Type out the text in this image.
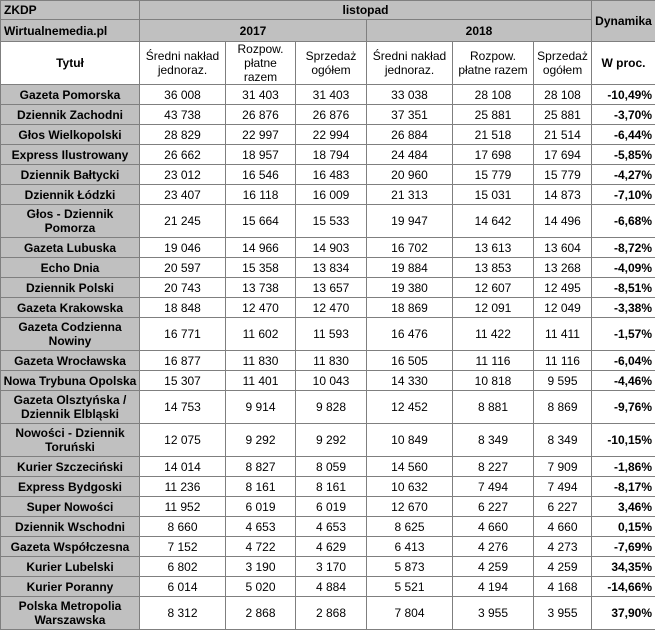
ZKDP	listopad						Dynamika
Wirtualnemedia.pl	2017			2018			
Tytuł	Średni nakład jednoraz.	Rozpow. płatne razem	Sprzedaż ogółem	Średni nakład jednoraz.	Rozpow. płatne razem	Sprzedaż ogółem	W proc.
Gazeta Pomorska	36 008	31 403	31 403	33 038	28 108	28 108	-10,49%
Dziennik Zachodni	43 738	26 876	26 876	37 351	25 881	25 881	-3,70%
Głos Wielkopolski	28 829	22 997	22 994	26 884	21 518	21 514	-6,44%
Express Ilustrowany	26 662	18 957	18 794	24 484	17 698	17 694	-5,85%
Dziennik Bałtycki	23 012	16 546	16 483	20 960	15 779	15 779	-4,27%
Dziennik Łódzki	23 407	16 118	16 009	21 313	15 031	14 873	-7,10%
Głos - Dziennik Pomorza	21 245	15 664	15 533	19 947	14 642	14 496	-6,68%
Gazeta Lubuska	19 046	14 966	14 903	16 702	13 613	13 604	-8,72%
Echo Dnia	20 597	15 358	13 834	19 884	13 853	13 268	-4,09%
Dziennik Polski	20 743	13 738	13 657	19 380	12 607	12 495	-8,51%
Gazeta Krakowska	18 848	12 470	12 470	18 869	12 091	12 049	-3,38%
Gazeta Codzienna Nowiny	16 771	11 602	11 593	16 476	11 422	11 411	-1,57%
Gazeta Wrocławska	16 877	11 830	11 830	16 505	11 116	11 116	-6,04%
Nowa Trybuna Opolska	15 307	11 401	10 043	14 330	10 818	9 595	-4,46%
Gazeta Olsztyńska / Dziennik Elbląski	14 753	9 914	9 828	12 452	8 881	8 869	-9,76%
Nowości - Dziennik Toruński	12 075	9 292	9 292	10 849	8 349	8 349	-10,15%
Kurier Szczeciński	14 014	8 827	8 059	14 560	8 227	7 909	-1,86%
Express Bydgoski	11 236	8 161	8 161	10 632	7 494	7 494	-8,17%
Super Nowości	11 952	6 019	6 019	12 670	6 227	6 227	3,46%
Dziennik Wschodni	8 660	4 653	4 653	8 625	4 660	4 660	0,15%
Gazeta Współczesna	7 152	4 722	4 629	6 413	4 276	4 273	-7,69%
Kurier Lubelski	6 802	3 190	3 170	5 873	4 259	4 259	34,35%
Kurier Poranny	6 014	5 020	4 884	5 521	4 194	4 168	-14,66%
Polska Metropolia Warszawska	8 312	2 868	2 868	7 804	3 955	3 955	37,90%
